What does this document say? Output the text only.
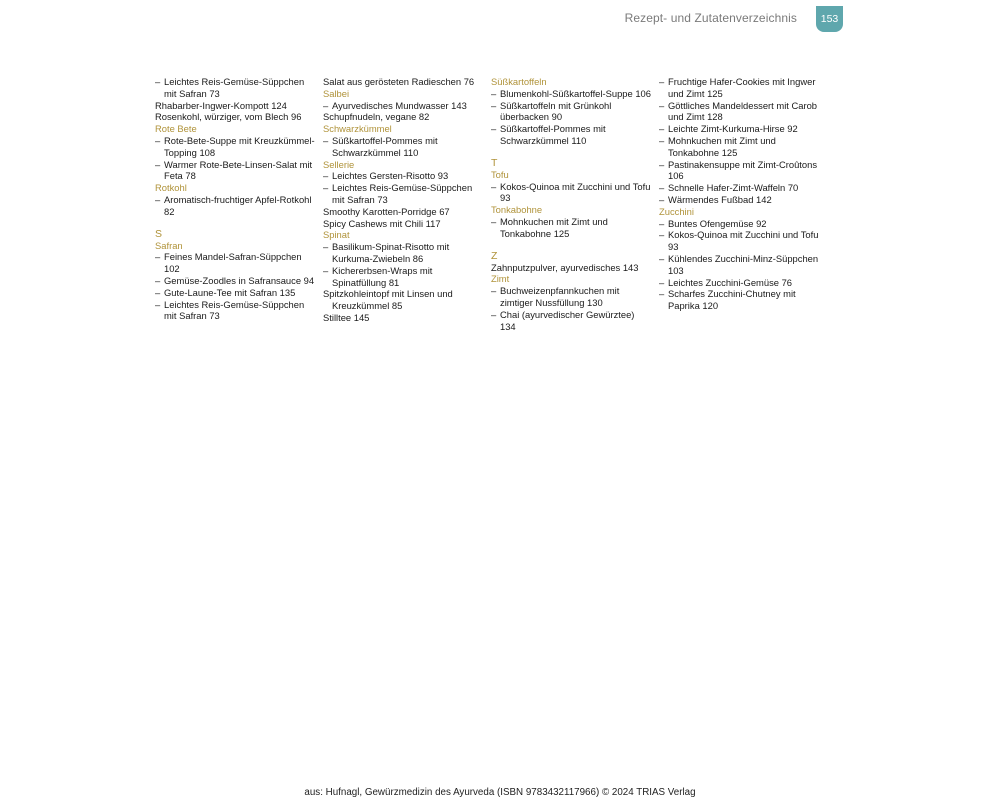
Rezept- und Zutatenverzeichnis	153
– Leichtes Reis-Gemüse-Süppchen mit Safran 73
Rhabarber-Ingwer-Kompott 124
Rosenkohl, würziger, vom Blech 96
Rote Bete
– Rote-Bete-Suppe mit Kreuzkümmel-Topping 108
– Warmer Rote-Bete-Linsen-Salat mit Feta 78
Rotkohl
– Aromatisch-fruchtiger Apfel-Rotkohl 82
S
Safran
– Feines Mandel-Safran-Süppchen 102
– Gemüse-Zoodles in Safransauce 94
– Gute-Laune-Tee mit Safran 135
– Leichtes Reis-Gemüse-Süppchen mit Safran 73
Salat aus gerösteten Radieschen 76
Salbei
– Ayurvedisches Mundwasser 143
Schupfnudeln, vegane 82
Schwarzkümmel
– Süßkartoffel-Pommes mit Schwarzkümmel 110
Sellerie
– Leichtes Gersten-Risotto 93
– Leichtes Reis-Gemüse-Süppchen mit Safran 73
Smoothy Karotten-Porridge 67
Spicy Cashews mit Chili 117
Spinat
– Basilikum-Spinat-Risotto mit Kurkuma-Zwiebeln 86
– Kichererbsen-Wraps mit Spinatfüllung 81
Spitzkohleintopf mit Linsen und Kreuzkümmel 85
Stilltee 145
Süßkartoffeln
– Blumenkohl-Süßkartoffel-Suppe 106
– Süßkartoffeln mit Grünkohl überbacken 90
– Süßkartoffel-Pommes mit Schwarzkümmel 110
T
Tofu
– Kokos-Quinoa mit Zucchini und Tofu 93
Tonkabohne
– Mohnkuchen mit Zimt und Tonkabohne 125
Z
Zahnputzpulver, ayurvedisches 143
Zimt
– Buchweizenpfannkuchen mit zimtiger Nussfüllung 130
– Chai (ayurvedischer Gewürztee) 134
– Fruchtige Hafer-Cookies mit Ingwer und Zimt 125
– Göttliches Mandeldessert mit Carob und Zimt 128
– Leichte Zimt-Kurkuma-Hirse 92
– Mohnkuchen mit Zimt und Tonkabohne 125
– Pastinakensuppe mit Zimt-Croûtons 106
– Schnelle Hafer-Zimt-Waffeln 70
– Wärmendes Fußbad 142
Zucchini
– Buntes Ofengemüse 92
– Kokos-Quinoa mit Zucchini und Tofu 93
– Kühlendes Zucchini-Minz-Süppchen 103
– Leichtes Zucchini-Gemüse 76
– Scharfes Zucchini-Chutney mit Paprika 120
aus: Hufnagl, Gewürzmedizin des Ayurveda (ISBN 9783432117966) © 2024 TRIAS Verlag
